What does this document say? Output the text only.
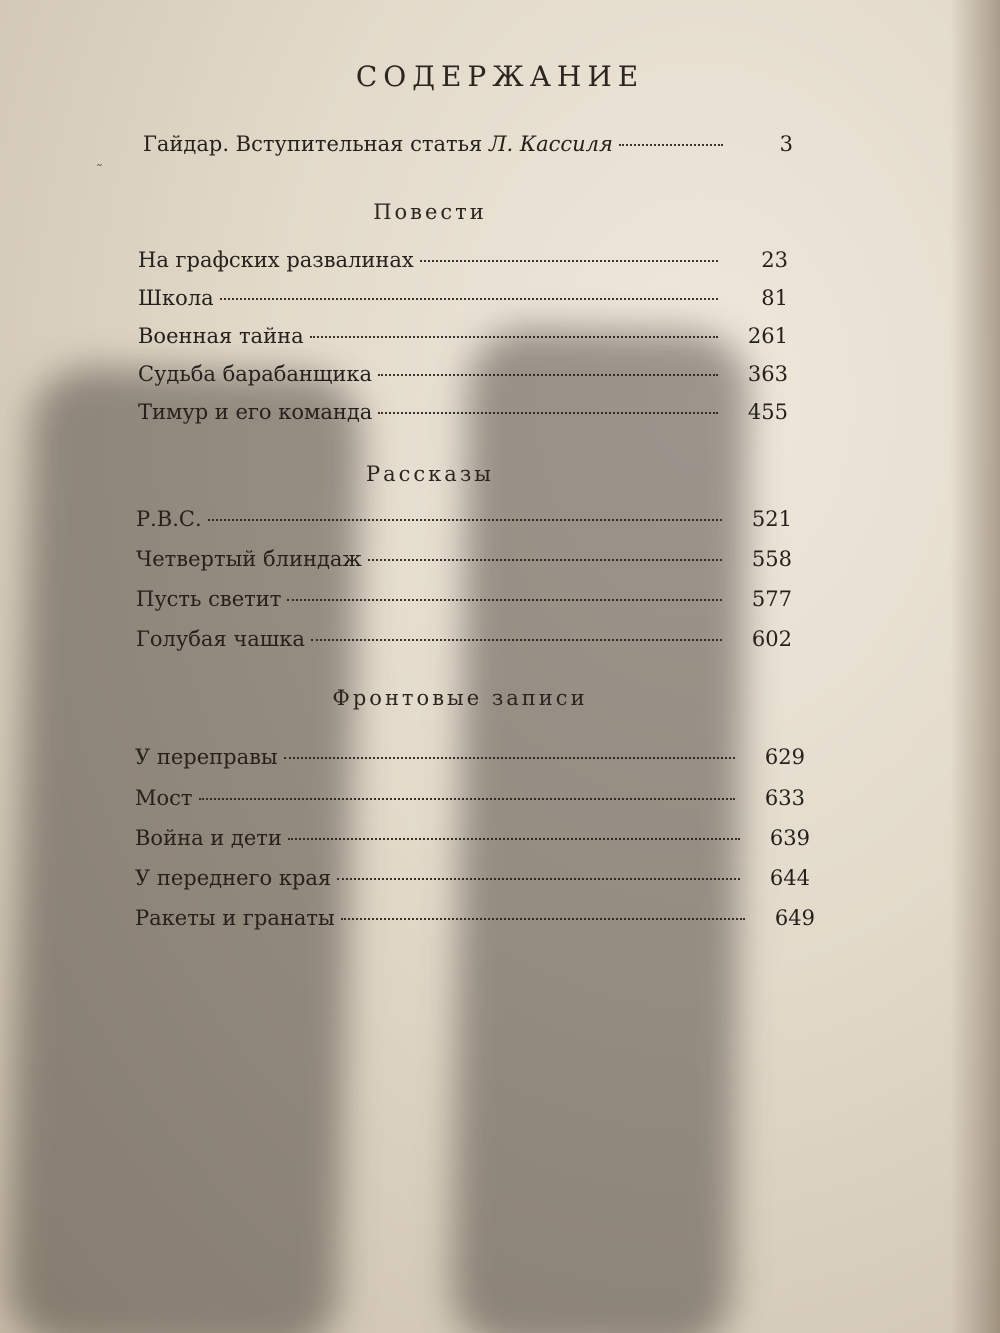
СОДЕРЖАНИЕ
˜
Гайдар. Вступительная статья Л. Кассиля	3
Повести
На графских развалинах	23
Школа	81
Военная тайна	261
Судьба барабанщика	363
Тимур и его команда	455
Рассказы
Р.В.С.	521
Четвертый блиндаж	558
Пусть светит	577
Голубая чашка	602
Фронтовые записи
У переправы	629
Мост	633
Война и дети	639
У переднего края	644
Ракеты и гранаты	649
